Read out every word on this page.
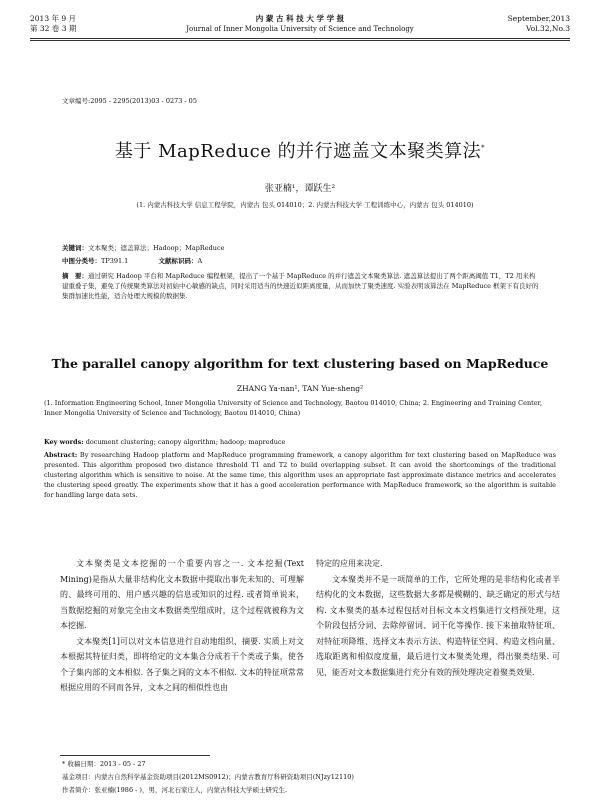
2013 年 9 月
第 32 卷 3 期
内 蒙 古 科 技 大 学 学 报
Journal of Inner Mongolia University of Science and Technology
September,2013
Vol.32,No.3
文章编号:2095 - 2295(2013)03 - 0273 - 05
基于 MapReduce 的并行遮盖文本聚类算法*
张亚楠¹，谭跃生²
(1. 内蒙古科技大学 信息工程学院，内蒙古 包头 014010；2. 内蒙古科技大学 工程训练中心，内蒙古 包头 014010)
关键词：文本聚类；遮盖算法；Hadoop；MapReduce
中图分类号：TP391.1	文献标识码：A
摘　要：通过研究 Hadoop 平台和 MapReduce 编程框架，提出了一个基于 MapReduce 的并行遮盖文本聚类算法. 遮盖算法提出了两个距离阈值 T1，T2 用来构建重叠子集，避免了传统聚类算法对初始中心敏感的缺点，同时采用适当的快速近似距离度量，从而加快了聚类速度. 实验表明该算法在 MapReduce 框架下有良好的集群加速比性能，适合处理大规模的数据集.
The parallel canopy algorithm for text clustering based on MapReduce
ZHANG Ya-nan¹, TAN Yue-sheng²
(1. Information Engineering School, Inner Mongolia University of Science and Technology, Baotou 014010, China; 2. Engineering and Training Center, Inner Mongolia University of Science and Technology, Baotou 014010, China)
Key words: document clustering; canopy algorithm; hadoop; mapreduce
Abstract: By researching Hadoop platform and MapReduce programming framework, a canopy algorithm for text clustering based on MapReduce was presented. This algorithm proposed two distance threshold T1 and T2 to build overlapping subset. It can avoid the shortcomings of the traditional clustering algorithm which is sensitive to noise. At the same time, this algorithm uses an appropriate fast approximate distance metrics and accelerates the clustering speed greatly. The experiments show that it has a good acceleration performance with MapReduce framework, so the algorithm is suitable for handling large data sets.
文本聚类是文本挖掘的一个重要内容之一. 文本挖掘(Text Mining)是指从大量非结构化文本数据中提取出事先未知的、可理解的、最终可用的、用户感兴趣的信息或知识的过程. 或者简单说来，当数据挖掘的对象完全由文本数据类型组成时，这个过程就被称为文本挖掘.
文本聚类[1]可以对文本信息进行自动地组织、摘要. 实质上对文本根据其特征归类，即将给定的文本集合分成若干个类或子集，使各个子集内部的文本相似. 各子集之间的文本不相似. 文本的特征项常常根据应用的不同而各异，文本之间的相似性也由
特定的应用来决定.
文本聚类并不是一项简单的工作，它所处理的是非结构化或者半结构化的文本数据，这些数据大多都是模糊的、缺乏确定的形式与结构. 文本聚类的基本过程包括对目标文本文档集进行文档预处理，这个阶段包括分词、去除停留词、词干化等操作. 接下来抽取特征项、对特征项降维、选择文本表示方法、构造特征空间、构造文档向量、选取距离和相似度度量，最后进行文本聚类处理，得出聚类结果. 可见，能否对文本数据集进行充分有效的预处理决定着聚类效果.
* 收稿日期：2013 - 05 - 27
基金项目：内蒙古自然科学基金资助项目(2012MS0912)；内蒙古教育厅科研资助项目(NJzy12110)
作者简介：张亚楠(1986 - )，男，河北石家庄人，内蒙古科技大学硕士研究生.
